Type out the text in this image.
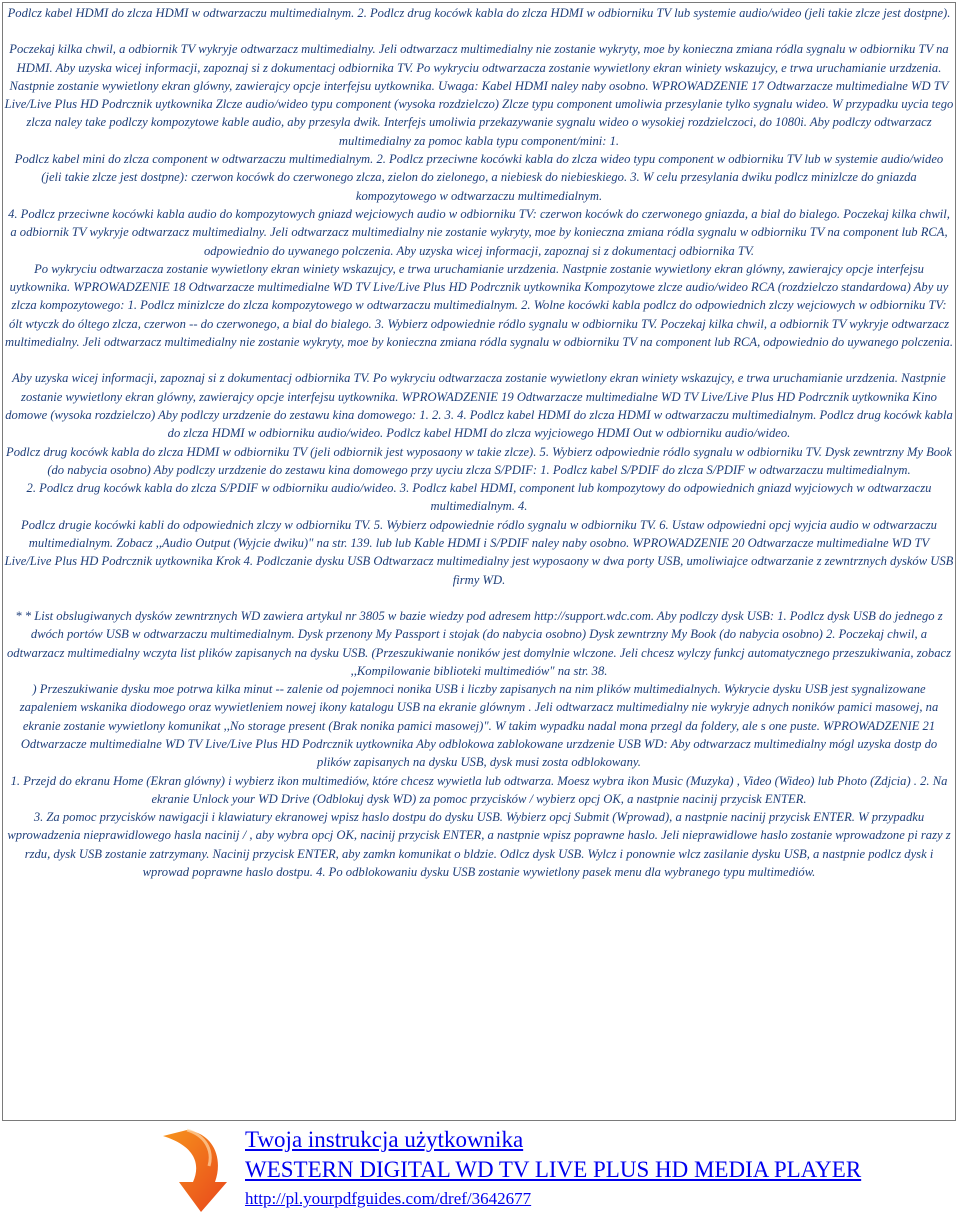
Podlcz kabel HDMI do zlcza HDMI w odtwarzaczu multimedialnym. 2. Podlcz drug kocówk kabla do zlcza HDMI w odbiorniku TV lub systemie audio/wideo (jeli takie zlcze jest dostpne).

Poczekaj kilka chwil, a odbiornik TV wykryje odtwarzacz multimedialny. Jeli odtwarzacz multimedialny nie zostanie wykryty, moe by konieczna zmiana ródla sygnalu w odbiorniku TV na HDMI. Aby uzyska wicej informacji, zapoznaj si z dokumentacj odbiornika TV. Po wykryciu odtwarzacza zostanie wywietlony ekran winiety wskazujcy, e trwa uruchamianie urzdzenia. Nastpnie zostanie wywietlony ekran glówny, zawierajcy opcje interfejsu uytkownika. Uwaga: Kabel HDMI naley naby osobno. WPROWADZENIE 17 Odtwarzacze multimedialne WD TV Live/Live Plus HD Podrcznik uytkownika Zlcze audio/wideo typu component (wysoka rozdzielczo) Zlcze typu component umoliwia przesylanie tylko sygnalu wideo. W przypadku uycia tego zlcza naley take podlczy kompozytowe kable audio, aby przesyla dwik. Interfejs umoliwia przekazywanie sygnalu wideo o wysokiej rozdzielczoci, do 1080i. Aby podlczy odtwarzacz multimedialny za pomoc kabla typu component/mini: 1.

Podlcz kabel mini do zlcza component w odtwarzaczu multimedialnym. 2. Podlcz przeciwne kocówki kabla do zlcza wideo typu component w odbiorniku TV lub w systemie audio/wideo (jeli takie zlcze jest dostpne): czerwon kocówk do czerwonego zlcza, zielon do zielonego, a niebiesk do niebieskiego. 3. W celu przesylania dwiku podlcz minizlcze do gniazda kompozytowego w odtwarzaczu multimedialnym.

4. Podlcz przeciwne kocówki kabla audio do kompozytowych gniazd wejciowych audio w odbiorniku TV: czerwon kocówk do czerwonego gniazda, a bial do bialego. Poczekaj kilka chwil, a odbiornik TV wykryje odtwarzacz multimedialny. Jeli odtwarzacz multimedialny nie zostanie wykryty, moe by konieczna zmiana ródla sygnalu w odbiorniku TV na component lub RCA, odpowiednio do uywanego polczenia. Aby uzyska wicej informacji, zapoznaj si z dokumentacj odbiornika TV.

Po wykryciu odtwarzacza zostanie wywietlony ekran winiety wskazujcy, e trwa uruchamianie urzdzenia. Nastpnie zostanie wywietlony ekran glówny, zawierajcy opcje interfejsu uytkownika. WPROWADZENIE 18 Odtwarzacze multimedialne WD TV Live/Live Plus HD Podrcznik uytkownika Kompozytowe zlcze audio/wideo RCA (rozdzielczo standardowa) Aby uy zlcza kompozytowego: 1. Podlcz minizlcze do zlcza kompozytowego w odtwarzaczu multimedialnym. 2. Wolne kocówki kabla podlcz do odpowiednich zlczy wejciowych w odbiorniku TV: ólt wtyczk do óltego zlcza, czerwon -- do czerwonego, a bial do bialego. 3. Wybierz odpowiednie ródlo sygnalu w odbiorniku TV. Poczekaj kilka chwil, a odbiornik TV wykryje odtwarzacz multimedialny. Jeli odtwarzacz multimedialny nie zostanie wykryty, moe by konieczna zmiana ródla sygnalu w odbiorniku TV na component lub RCA, odpowiednio do uywanego polczenia.

Aby uzyska wicej informacji, zapoznaj si z dokumentacj odbiornika TV. Po wykryciu odtwarzacza zostanie wywietlony ekran winiety wskazujcy, e trwa uruchamianie urzdzenia. Nastpnie zostanie wywietlony ekran glówny, zawierajcy opcje interfejsu uytkownika. WPROWADZENIE 19 Odtwarzacze multimedialne WD TV Live/Live Plus HD Podrcznik uytkownika Kino domowe (wysoka rozdzielczo) Aby podlczy urzdzenie do zestawu kina domowego: 1. 2. 3. 4. Podlcz kabel HDMI do zlcza HDMI w odtwarzaczu multimedialnym. Podlcz drug kocówk kabla do zlcza HDMI w odbiorniku audio/wideo. Podlcz kabel HDMI do zlcza wyjciowego HDMI Out w odbiorniku audio/wideo.

Podlcz drug kocówk kabla do zlcza HDMI w odbiorniku TV (jeli odbiornik jest wyposaony w takie zlcze). 5. Wybierz odpowiednie ródlo sygnalu w odbiorniku TV. Dysk zewntrzny My Book (do nabycia osobno) Aby podlczy urzdzenie do zestawu kina domowego przy uyciu zlcza S/PDIF: 1. Podlcz kabel S/PDIF do zlcza S/PDIF w odtwarzaczu multimedialnym.

2. Podlcz drug kocówk kabla do zlcza S/PDIF w odbiorniku audio/wideo. 3. Podlcz kabel HDMI, component lub kompozytowy do odpowiednich gniazd wyjciowych w odtwarzaczu multimedialnym. 4.

Podlcz drugie kocówki kabli do odpowiednich zlczy w odbiorniku TV. 5. Wybierz odpowiednie ródlo sygnalu w odbiorniku TV. 6. Ustaw odpowiedni opcj wyjcia audio w odtwarzaczu multimedialnym. Zobacz ,,Audio Output (Wyjcie dwiku)" na str. 139. lub lub Kable HDMI i S/PDIF naley naby osobno. WPROWADZENIE 20 Odtwarzacze multimedialne WD TV Live/Live Plus HD Podrcznik uytkownika Krok 4. Podlczanie dysku USB Odtwarzacz multimedialny jest wyposaony w dwa porty USB, umoliwiajce odtwarzanie z zewntrznych dysków USB firmy WD.

* * List obslugiwanych dysków zewntrznych WD zawiera artykul nr 3805 w bazie wiedzy pod adresem http://support.wdc.com. Aby podlczy dysk USB: 1. Podlcz dysk USB do jednego z dwóch portów USB w odtwarzaczu multimedialnym. Dysk przenony My Passport i stojak (do nabycia osobno) Dysk zewntrzny My Book (do nabycia osobno) 2. Poczekaj chwil, a odtwarzacz multimedialny wczyta list plików zapisanych na dysku USB. (Przeszukiwanie noników jest domylnie wlczone. Jeli chcesz wylczy funkcj automatycznego przeszukiwania, zobacz ,,Kompilowanie biblioteki multimediów" na str. 38.

) Przeszukiwanie dysku moe potrwa kilka minut -- zalenie od pojemnoci nonika USB i liczby zapisanych na nim plików multimedialnych. Wykrycie dysku USB jest sygnalizowane zapaleniem wskanika diodowego oraz wywietleniem nowej ikony katalogu USB na ekranie glównym . Jeli odtwarzacz multimedialny nie wykryje adnych noników pamici masowej, na ekranie zostanie wywietlony komunikat ,,No storage present (Brak nonika pamici masowej)". W takim wypadku nadal mona przegl da foldery, ale s one puste. WPROWADZENIE 21 Odtwarzacze multimedialne WD TV Live/Live Plus HD Podrcznik uytkownika Aby odblokowa zablokowane urzdzenie USB WD: Aby odtwarzacz multimedialny mógl uzyska dostp do plików zapisanych na dysku USB, dysk musi zosta odblokowany.

1. Przejd do ekranu Home (Ekran glówny) i wybierz ikon multimediów, które chcesz wywietla lub odtwarza. Moesz wybra ikon Music (Muzyka) , Video (Wideo) lub Photo (Zdjcia) . 2. Na ekranie Unlock your WD Drive (Odblokuj dysk WD) za pomoc przycisków / wybierz opcj OK, a nastpnie nacinij przycisk ENTER.

3. Za pomoc przycisków nawigacji i klawiatury ekranowej wpisz haslo dostpu do dysku USB. Wybierz opcj Submit (Wprowad), a nastpnie nacinij przycisk ENTER. W przypadku wprowadzenia nieprawidlowego hasla nacinij / , aby wybra opcj OK, nacinij przycisk ENTER, a nastpnie wpisz poprawne haslo. Jeli nieprawidlowe haslo zostanie wprowadzone pi razy z rzdu, dysk USB zostanie zatrzymany. Nacinij przycisk ENTER, aby zamkn komunikat o bldzie. Odlcz dysk USB. Wylcz i ponownie wlcz zasilanie dysku USB, a nastpnie podlcz dysk i wprowad poprawne haslo dostpu. 4. Po odblokowaniu dysku USB zostanie wywietlony pasek menu dla wybranego typu multimediów.

Twoja instrukcja użytkownika
WESTERN DIGITAL WD TV LIVE PLUS HD MEDIA PLAYER
http://pl.yourpdfguides.com/dref/3642677
